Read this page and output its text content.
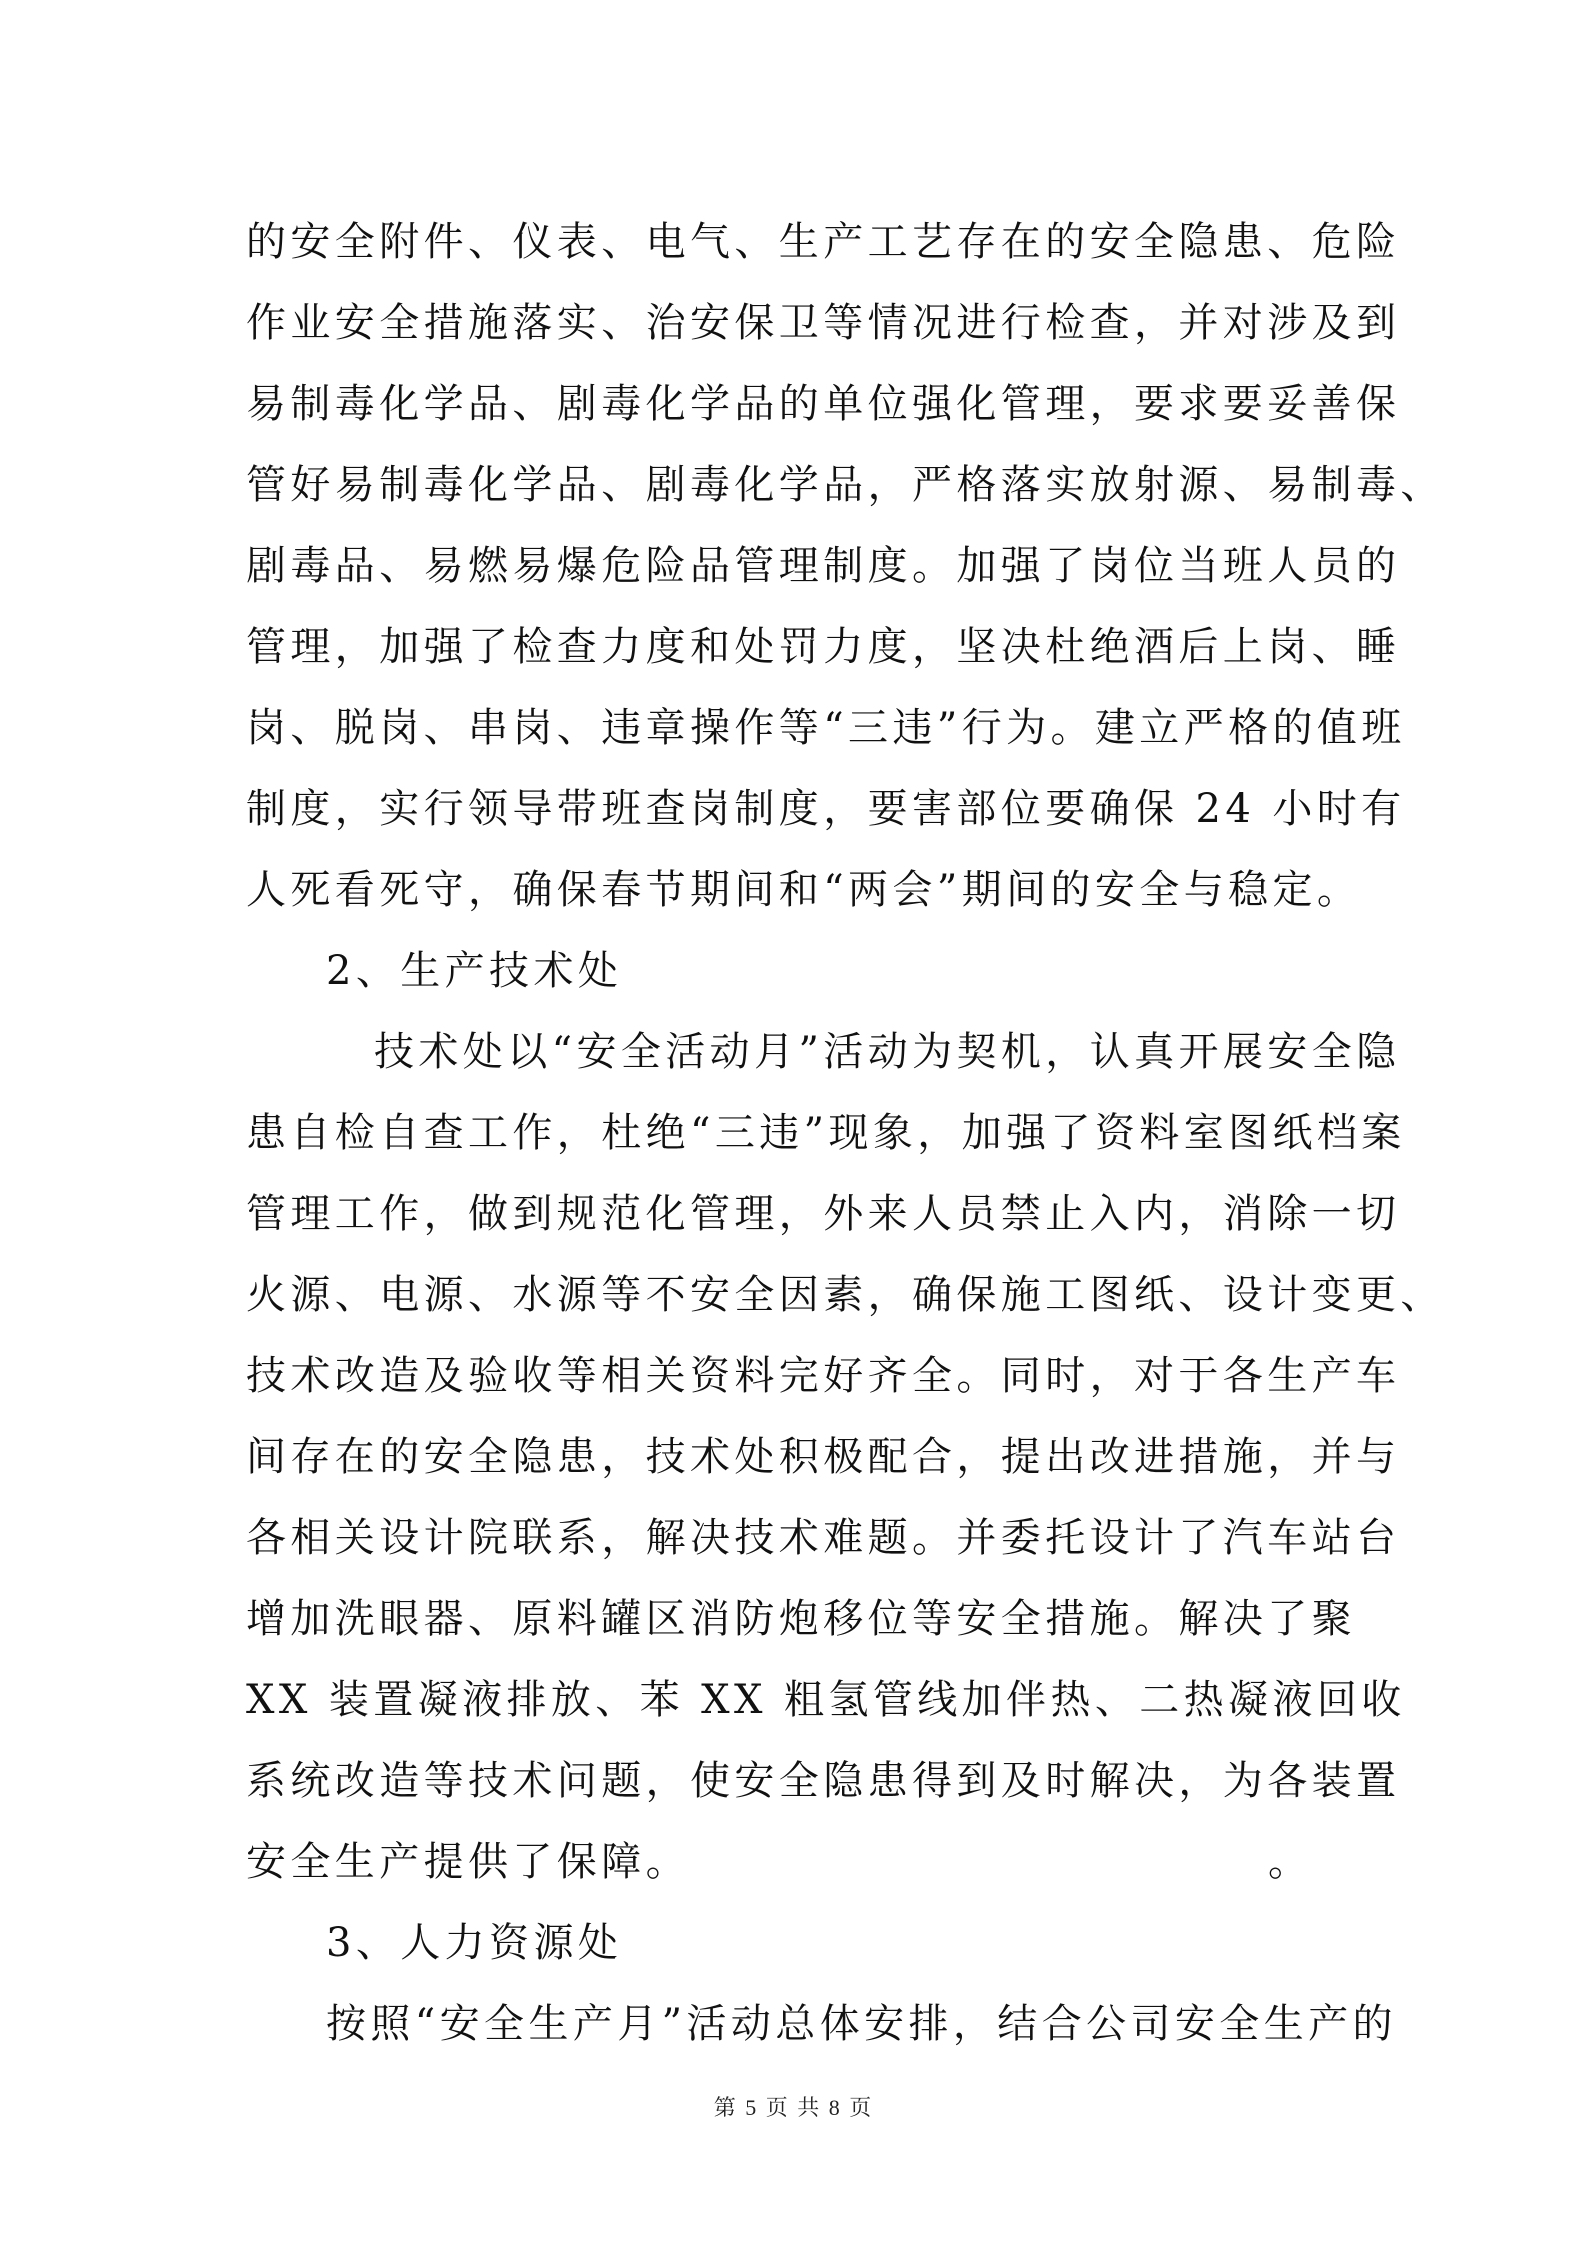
的安全附件、仪表、电气、生产工艺存在的安全隐患、危险
作业安全措施落实、治安保卫等情况进行检查，并对涉及到
易制毒化学品、剧毒化学品的单位强化管理，要求要妥善保
管好易制毒化学品、剧毒化学品，严格落实放射源、易制毒、
剧毒品、易燃易爆危险品管理制度。加强了岗位当班人员的
管理，加强了检查力度和处罚力度，坚决杜绝酒后上岗、睡
岗、脱岗、串岗、违章操作等“三违”行为。建立严格的值班
制度，实行领导带班查岗制度，要害部位要确保 24 小时有
人死看死守，确保春节期间和“两会”期间的安全与稳定。
2、生产技术处
技术处以“安全活动月”活动为契机，认真开展安全隐
患自检自查工作，杜绝“三违”现象，加强了资料室图纸档案
管理工作，做到规范化管理，外来人员禁止入内，消除一切
火源、电源、水源等不安全因素，确保施工图纸、设计变更、
技术改造及验收等相关资料完好齐全。同时，对于各生产车
间存在的安全隐患，技术处积极配合，提出改进措施，并与
各相关设计院联系，解决技术难题。并委托设计了汽车站台
增加洗眼器、原料罐区消防炮移位等安全措施。解决了聚
XX 装置凝液排放、苯 XX 粗氢管线加伴热、二热凝液回收
系统改造等技术问题，使安全隐患得到及时解决，为各装置
安全生产提供了保障。
3、人力资源处
按照“安全生产月”活动总体安排，结合公司安全生产的
。
第 5 页 共 8 页
